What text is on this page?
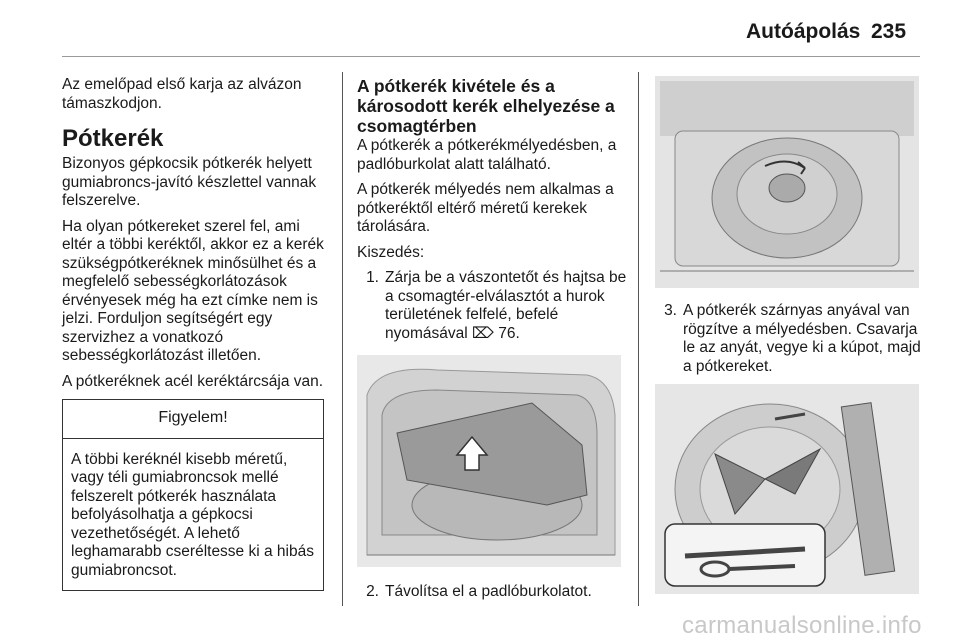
Autóápolás 235

Az emelőpad első karja az alvázon támaszkodjon.

Pótkerék

Bizonyos gépkocsik pótkerék helyett gumiabroncs-javító készlettel vannak felszerelve.

Ha olyan pótkereket szerel fel, ami eltér a többi keréktől, akkor ez a kerék szükségpótkeréknek minősülhet és a megfelelő sebességkorlátozások érvényesek még ha ezt címke nem is jelzi. Forduljon segítségért egy szervizhez a vonatkozó sebességkorlátozást illetően.

A pótkeréknek acél keréktárcsája van.

Figyelem!
A többi keréknél kisebb méretű, vagy téli gumiabroncsok mellé felszerelt pótkerék használata befolyásolhatja a gépkocsi vezethetőségét. A lehető leghamarabb cseréltesse ki a hibás gumiabroncsot.
A pótkerék kivétele és a károsodott kerék elhelyezése a csomagtérben

A pótkerék a pótkerékmélyedésben, a padlóburkolat alatt található.

A pótkerék mélyedés nem alkalmas a pótkeréktől eltérő méretű kerekek tárolására.

Kiszedés:

1. Zárja be a vászontetőt és hajtsa be a csomagtér-elválasztót a hurok területének felfelé, befelé nyomásával ⌦ 76.
2. Távolítsa el a padlóburkolatot.
3. A pótkerék szárnyas anyával van rögzítve a mélyedésben. Csavarja le az anyát, vegye ki a kúpot, majd a pótkereket.
carmanualsonline.info
